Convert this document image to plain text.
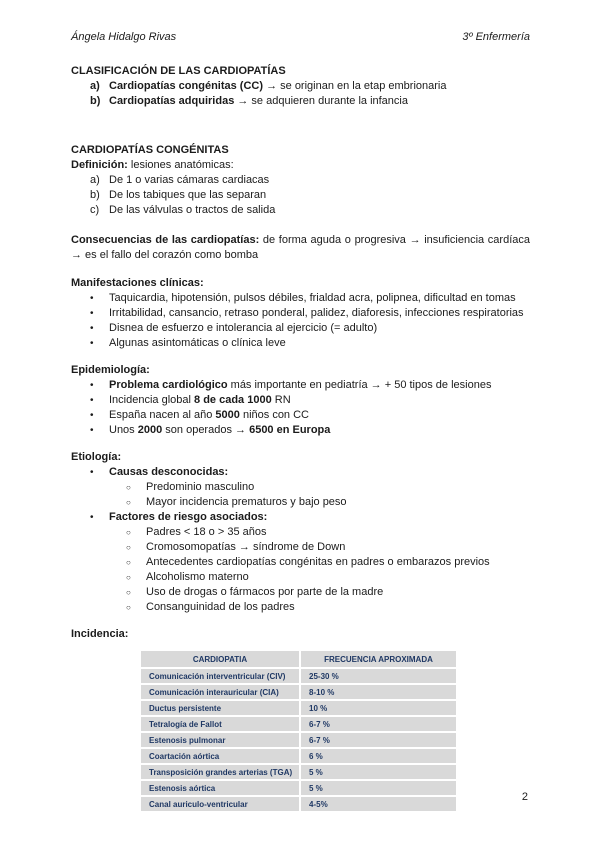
Ángela Hidalgo Rivas	3º Enfermería
CLASIFICACIÓN DE LAS CARDIOPATÍAS
a) Cardiopatías congénitas (CC) → se originan en la etap embrionaria
b) Cardiopatías adquiridas → se adquieren durante la infancia
CARDIOPATÍAS CONGÉNITAS
Definición: lesiones anatómicas:
a) De 1 o varias cámaras cardiacas
b) De los tabiques que las separan
c) De las válvulas o tractos de salida
Consecuencias de las cardiopatías: de forma aguda o progresiva → insuficiencia cardíaca → es el fallo del corazón como bomba
Manifestaciones clínicas:
•	Taquicardia, hipotensión, pulsos débiles, frialdad acra, polipnea, dificultad en tomas
•	Irritabilidad, cansancio, retraso ponderal, palidez, diaforesis, infecciones respiratorias
•	Disnea de esfuerzo e intolerancia al ejercicio (= adulto)
•	Algunas asintomáticas o clínica leve
Epidemiología:
•	Problema cardiológico más importante en pediatría → + 50 tipos de lesiones
•	Incidencia global 8 de cada 1000 RN
•	España nacen al año 5000 niños con CC
•	Unos 2000 son operados → 6500 en Europa
Etiología:
•	Causas desconocidas:
○	Predominio masculino
○	Mayor incidencia prematuros y bajo peso
•	Factores de riesgo asociados:
○	Padres < 18 o > 35 años
○	Cromosomopatías → síndrome de Down
○	Antecedentes cardiopatías congénitas en padres o embarazos previos
○	Alcoholismo materno
○	Uso de drogas o fármacos por parte de la madre
○	Consanguinidad de los padres
Incidencia:
CARDIOPATIA	FRECUENCIA APROXIMADA
Comunicación interventricular (CIV)	25-30 %
Comunicación interauricular (CIA)	8-10 %
Ductus persistente	10 %
Tetralogía de Fallot	6-7 %
Estenosis pulmonar	6-7 %
Coartación aórtica	6 %
Transposición grandes arterias (TGA)	5 %
Estenosis aórtica	5 %
Canal auriculo-ventricular	4-5%
2
